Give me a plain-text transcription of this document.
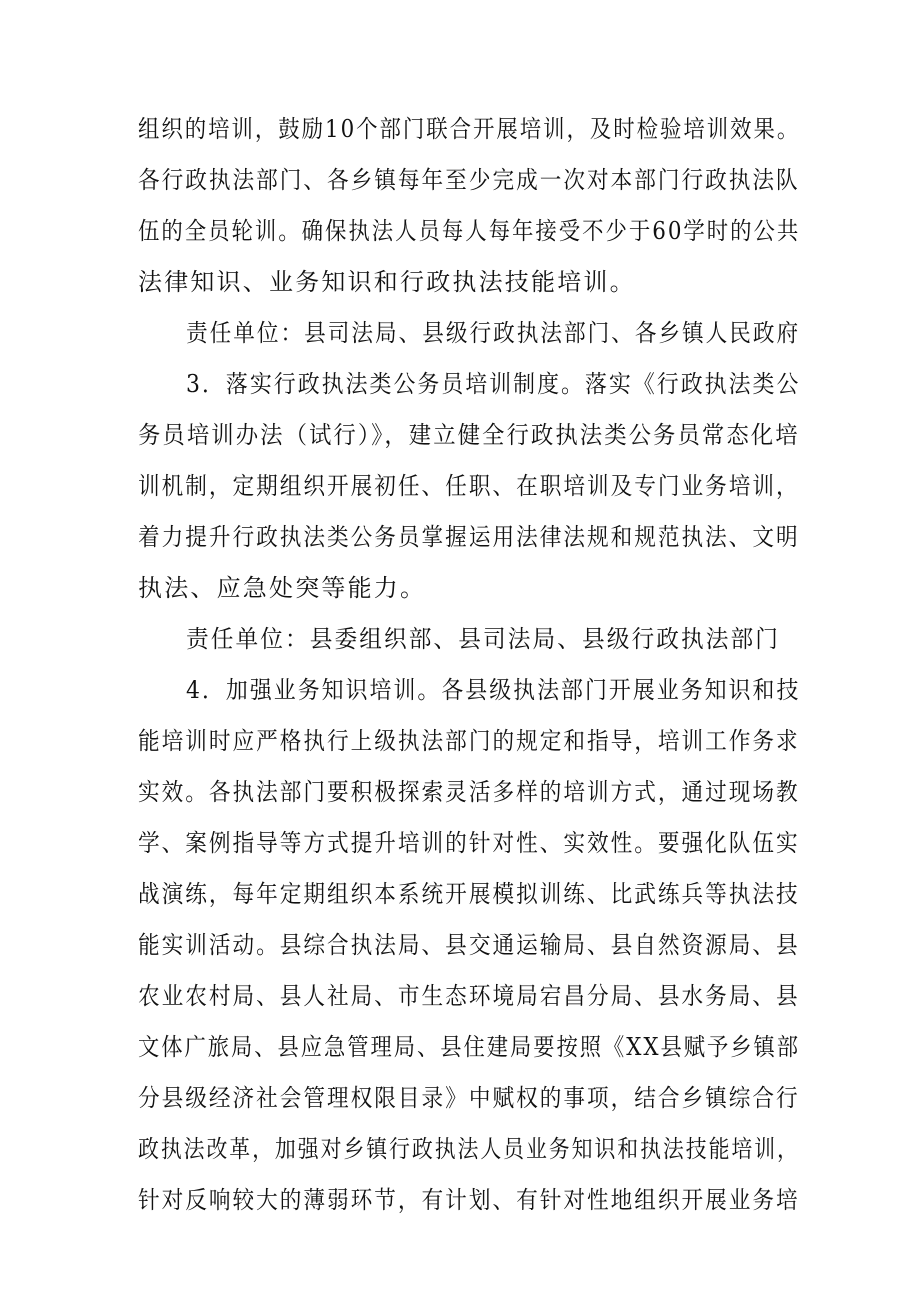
组织的培训，鼓励10个部门联合开展培训，及时检验培训效果。
各行政执法部门、各乡镇每年至少完成一次对本部门行政执法队
伍的全员轮训。确保执法人员每人每年接受不少于60学时的公共
法律知识、业务知识和行政执法技能培训。
责任单位：县司法局、县级行政执法部门、各乡镇人民政府
3．落实行政执法类公务员培训制度。落实《行政执法类公
务员培训办法（试行）》，建立健全行政执法类公务员常态化培
训机制，定期组织开展初任、任职、在职培训及专门业务培训，
着力提升行政执法类公务员掌握运用法律法规和规范执法、文明
执法、应急处突等能力。
责任单位：县委组织部、县司法局、县级行政执法部门
4．加强业务知识培训。各县级执法部门开展业务知识和技
能培训时应严格执行上级执法部门的规定和指导，培训工作务求
实效。各执法部门要积极探索灵活多样的培训方式，通过现场教
学、案例指导等方式提升培训的针对性、实效性。要强化队伍实
战演练，每年定期组织本系统开展模拟训练、比武练兵等执法技
能实训活动。县综合执法局、县交通运输局、县自然资源局、县
农业农村局、县人社局、市生态环境局宕昌分局、县水务局、县
文体广旅局、县应急管理局、县住建局要按照《XX县赋予乡镇部
分县级经济社会管理权限目录》中赋权的事项，结合乡镇综合行
政执法改革，加强对乡镇行政执法人员业务知识和执法技能培训，
针对反响较大的薄弱环节，有计划、有针对性地组织开展业务培
